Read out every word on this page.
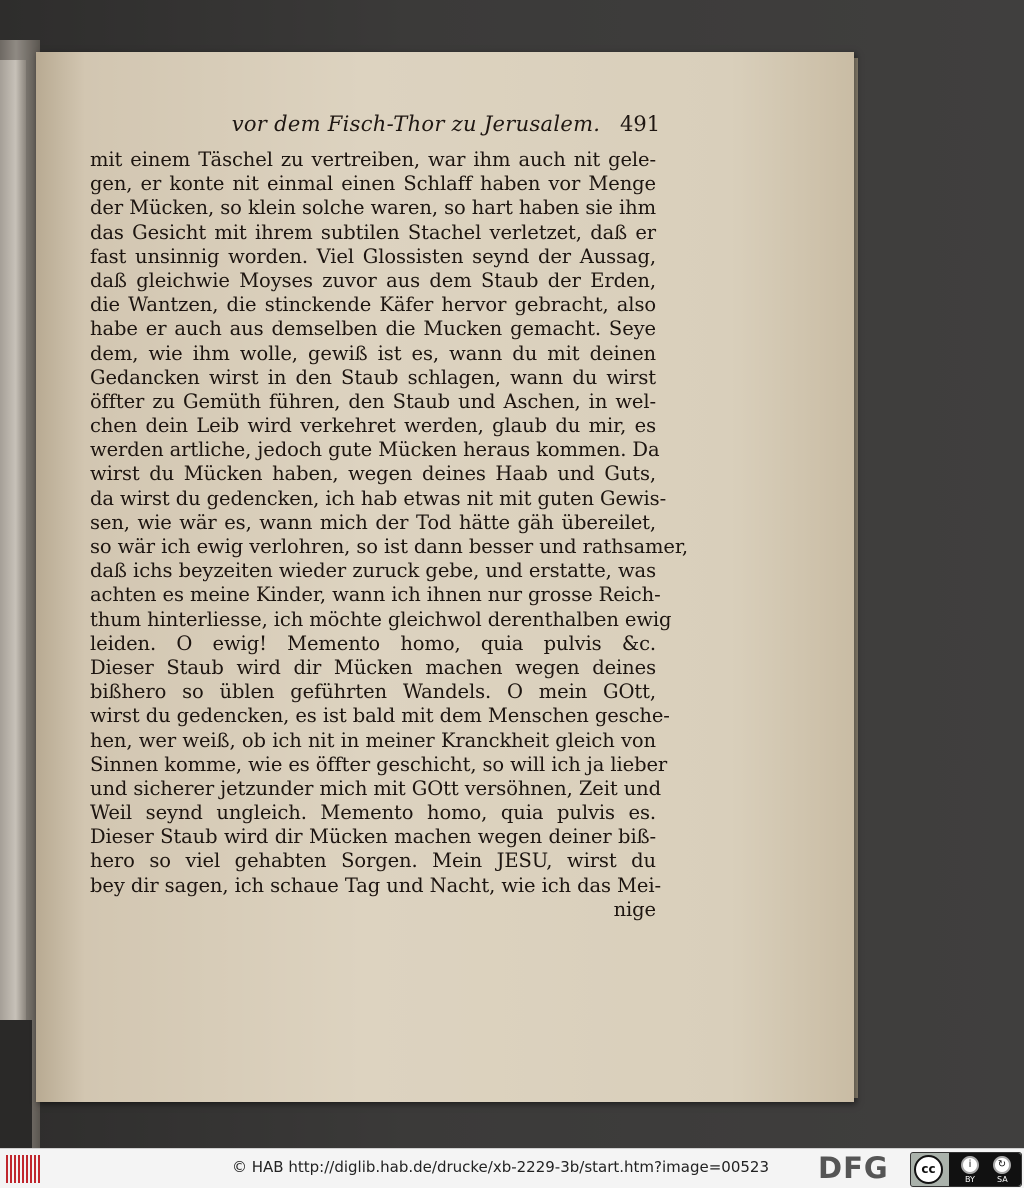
vor dem Fisch-Thor zu Jerusalem. 491
mit einem Täschel zu vertreiben, war ihm auch nit gele-
gen, er konte nit einmal einen Schlaff haben vor Menge
der Mücken, so klein solche waren, so hart haben sie ihm
das Gesicht mit ihrem subtilen Stachel verletzet, daß er
fast unsinnig worden. Viel Glossisten seynd der Aussag,
daß gleichwie Moyses zuvor aus dem Staub der Erden,
die Wantzen, die stinckende Käfer hervor gebracht, also
habe er auch aus demselben die Mucken gemacht. Seye
dem, wie ihm wolle, gewiß ist es, wann du mit deinen
Gedancken wirst in den Staub schlagen, wann du wirst
öffter zu Gemüth führen, den Staub und Aschen, in wel-
chen dein Leib wird verkehret werden, glaub du mir, es
werden artliche, jedoch gute Mücken heraus kommen. Da
wirst du Mücken haben, wegen deines Haab und Guts,
da wirst du gedencken, ich hab etwas nit mit guten Gewis-
sen, wie wär es, wann mich der Tod hätte gäh übereilet,
so wär ich ewig verlohren, so ist dann besser und rathsamer,
daß ichs beyzeiten wieder zuruck gebe, und erstatte, was
achten es meine Kinder, wann ich ihnen nur grosse Reich-
thum hinterliesse, ich möchte gleichwol derenthalben ewig
leiden. O ewig! Memento homo, quia pulvis &c.
Dieser Staub wird dir Mücken machen wegen deines
bißhero so üblen geführten Wandels. O mein GOtt,
wirst du gedencken, es ist bald mit dem Menschen gesche-
hen, wer weiß, ob ich nit in meiner Kranckheit gleich von
Sinnen komme, wie es öffter geschicht, so will ich ja lieber
und sicherer jetzunder mich mit GOtt versöhnen, Zeit und
Weil seynd ungleich. Memento homo, quia pulvis es.
Dieser Staub wird dir Mücken machen wegen deiner biß-
hero so viel gehabten Sorgen. Mein JESU, wirst du
bey dir sagen, ich schaue Tag und Nacht, wie ich das Mei-
nige
© HAB http://diglib.hab.de/drucke/xb-2229-3b/start.htm?image=00523 DFG	cc	i	↻
BY	SA
